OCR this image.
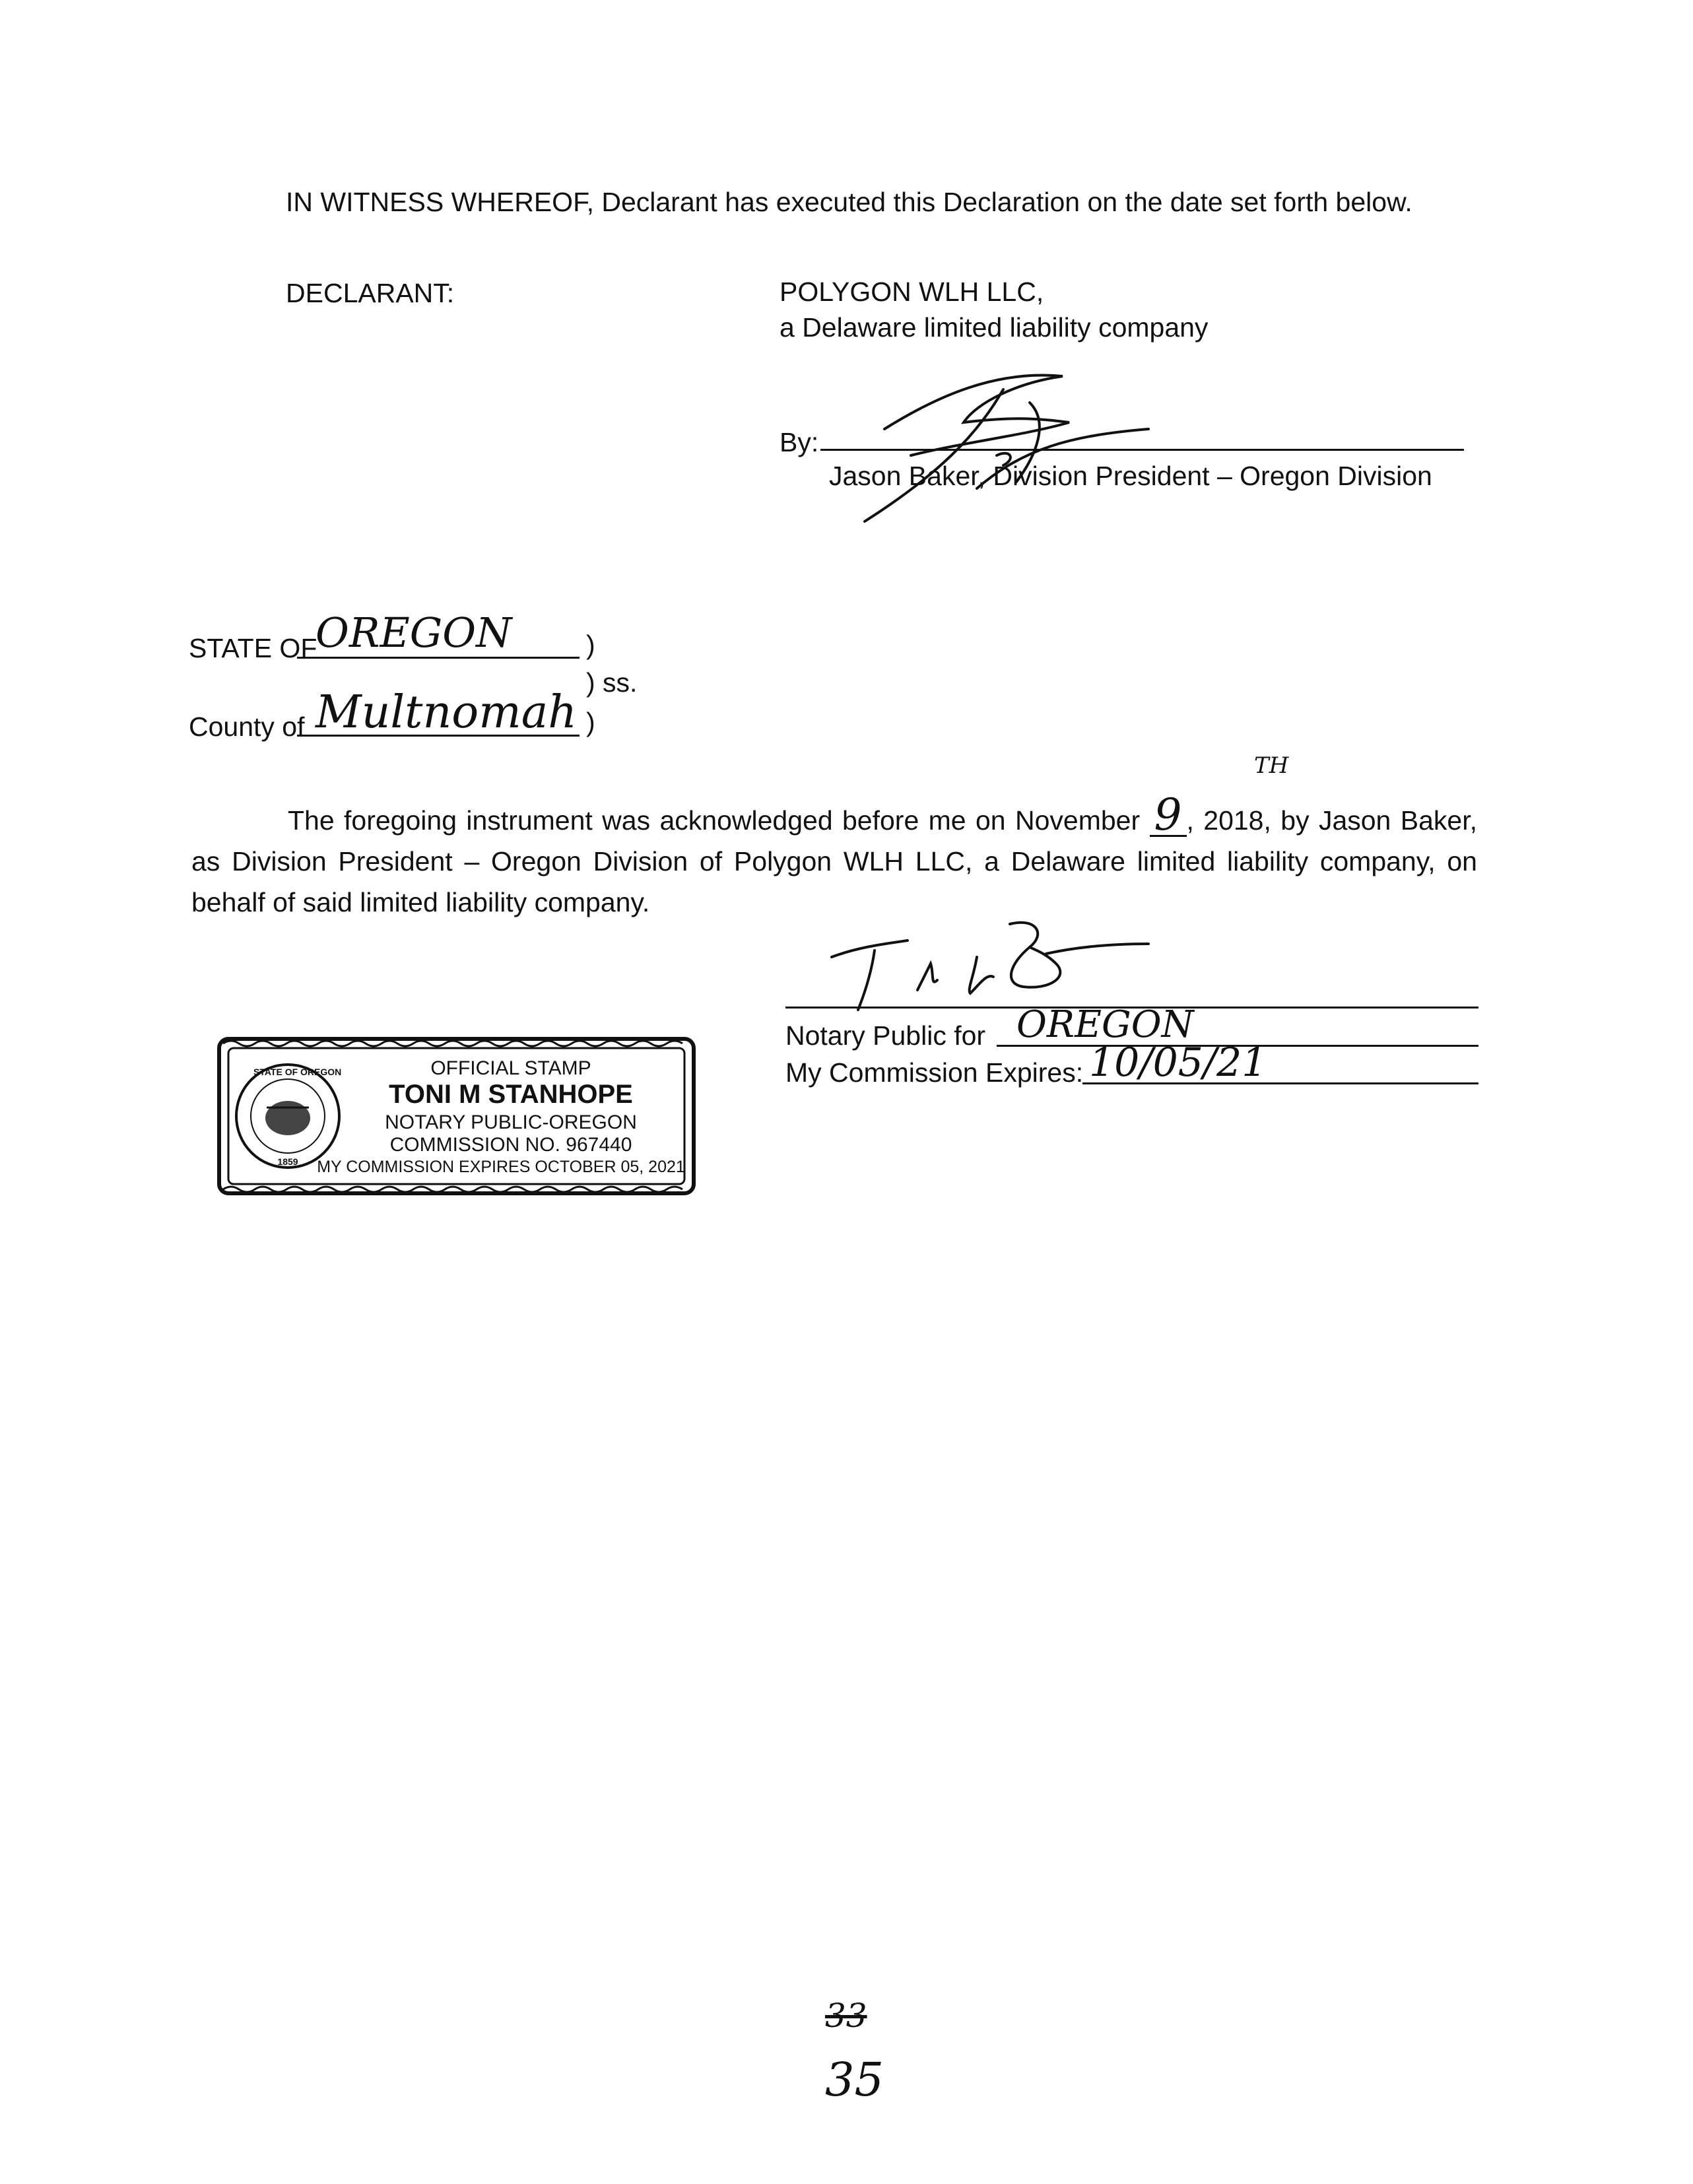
IN WITNESS WHEREOF, Declarant has executed this Declaration on the date set forth below.
DECLARANT:	POLYGON WLH LLC,
a Delaware limited liability company
By:
Jason Baker, Division President – Oregon Division
STATE OF
OREGON	)
) ss.
County of Multnomah )
TH
The foregoing instrument was acknowledged before me on November 9 , 2018, by Jason Baker, as Division President – Oregon Division of Polygon WLH LLC, a Delaware limited liability company, on behalf of said limited liability company.
Notary Public for OREGON
My Commission Expires: 10/05/21
STATE OF OREGON
1859
OFFICIAL STAMP
TONI M STANHOPE
NOTARY PUBLIC-OREGON
COMMISSION NO. 967440
MY COMMISSION EXPIRES OCTOBER 05, 2021
33
35
